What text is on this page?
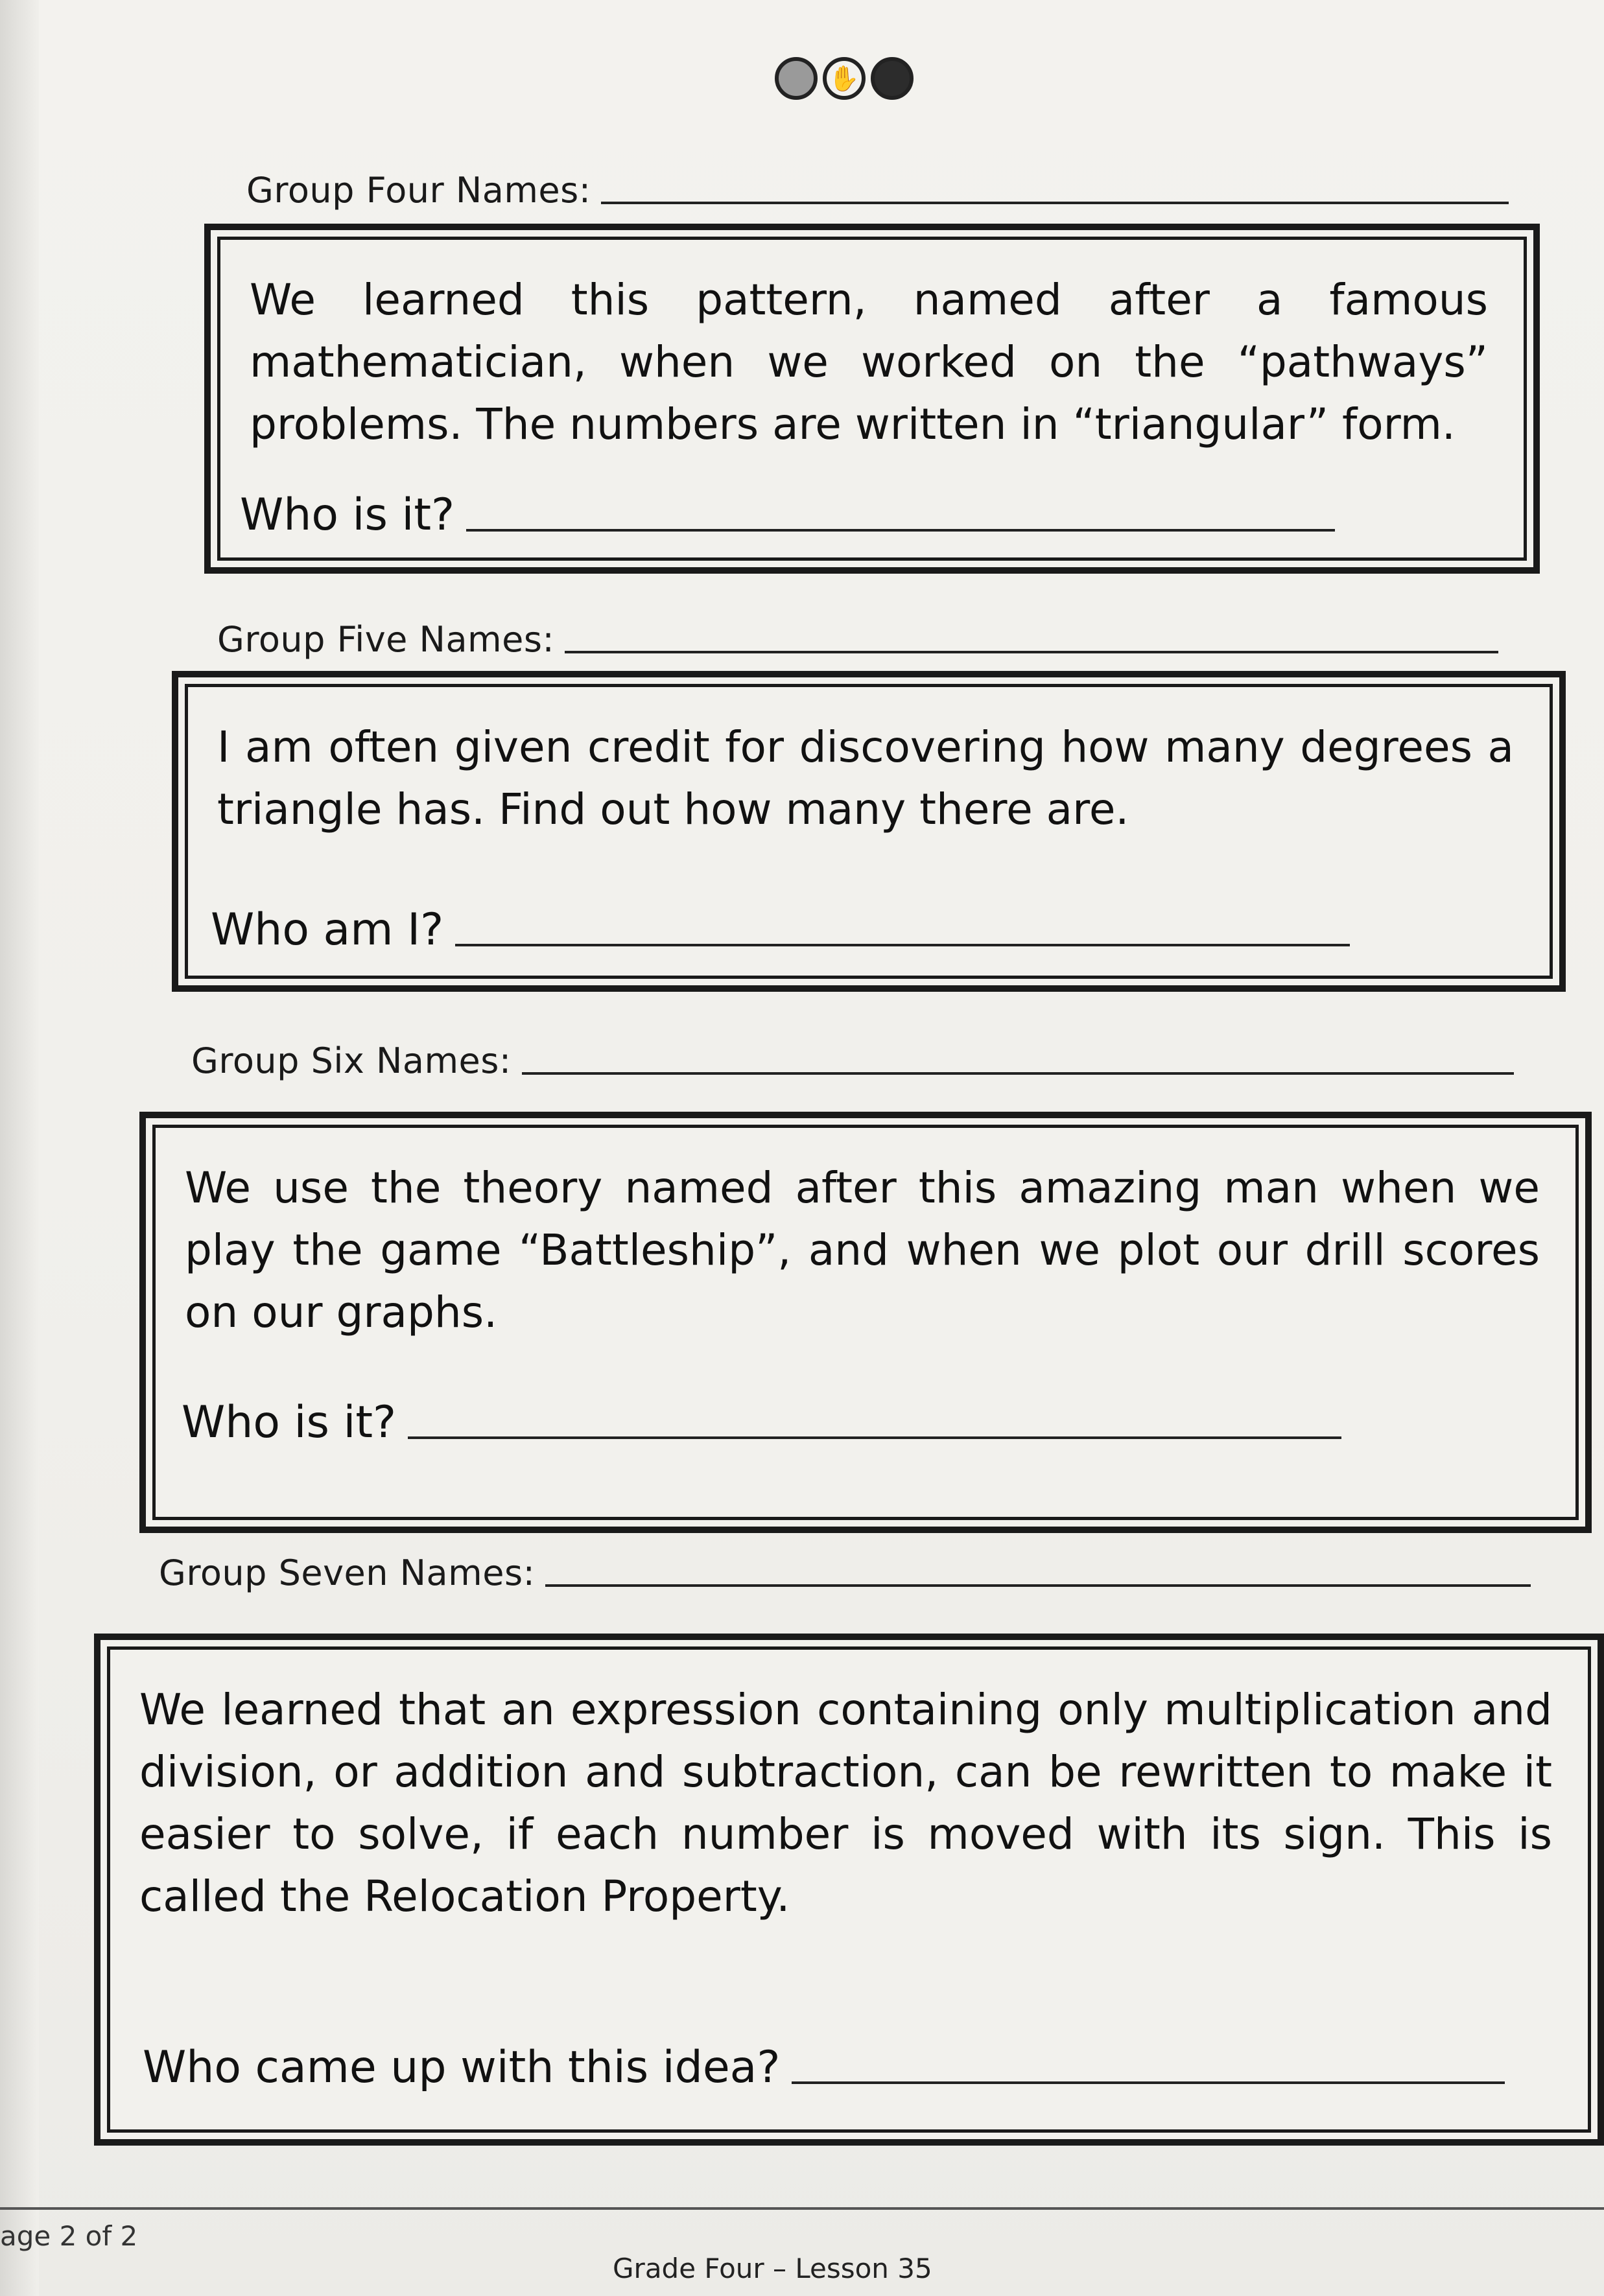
✋
Group Four Names:
We learned this pattern, named after a famous mathematician, when we worked on the “pathways” problems. The numbers are written in “triangular” form.
Who is it?
Group Five Names:
I am often given credit for discovering how many degrees a triangle has. Find out how many there are.
Who am I?
Group Six Names:
We use the theory named after this amazing man when we play the game “Battleship”, and when we plot our drill scores on our graphs.
Who is it?
Group Seven Names:
We learned that an expression containing only multiplication and division, or addition and subtraction, can be rewritten to make it easier to solve, if each number is moved with its sign. This is called the Relocation Property.
Who came up with this idea?
age 2 of 2
Grade Four – Lesson 35
